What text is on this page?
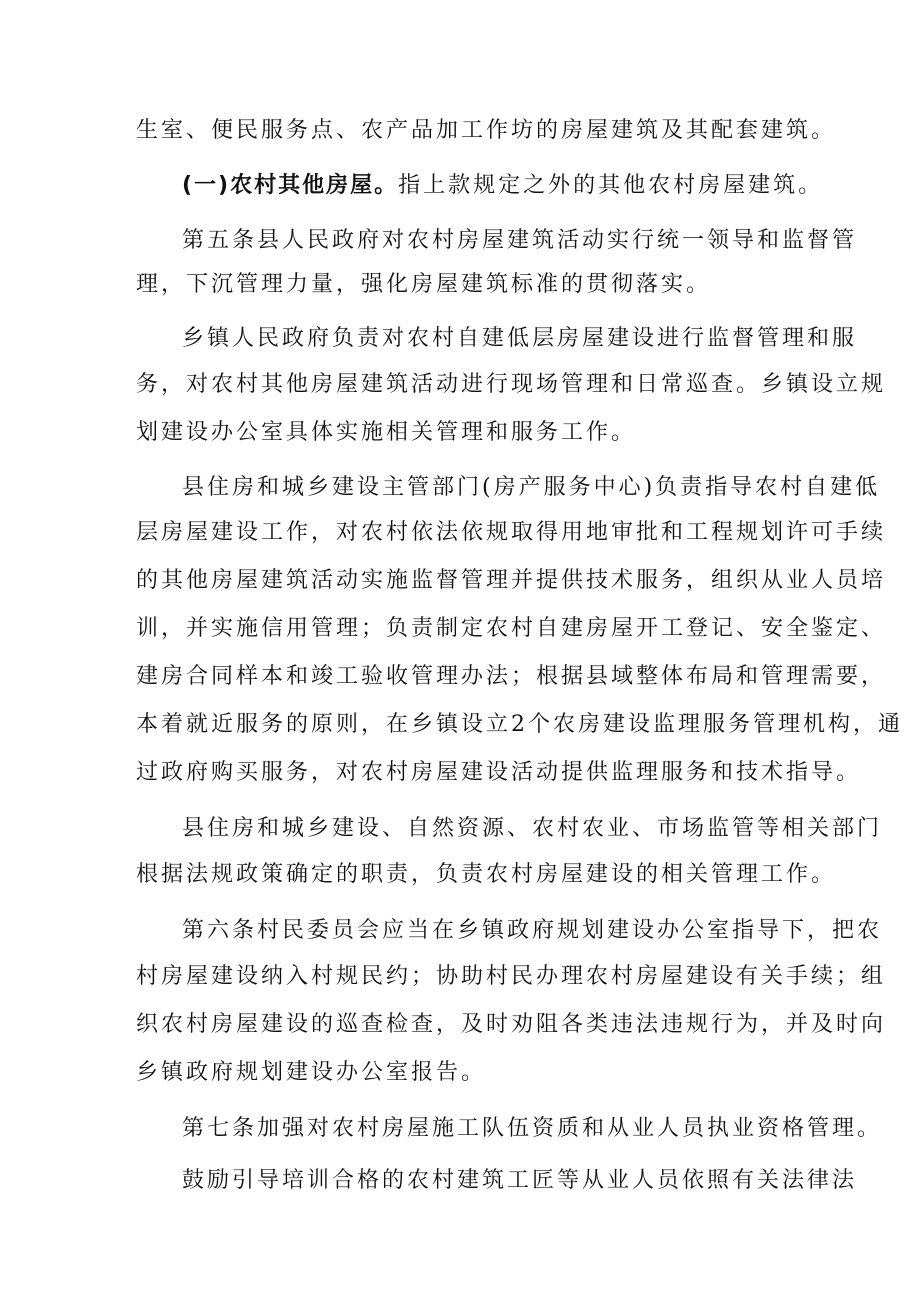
生室、便民服务点、农产品加工作坊的房屋建筑及其配套建筑。
(一)农村其他房屋。指上款规定之外的其他农村房屋建筑。
第五条县人民政府对农村房屋建筑活动实行统一领导和监督管
理，下沉管理力量，强化房屋建筑标准的贯彻落实。
乡镇人民政府负责对农村自建低层房屋建设进行监督管理和服
务，对农村其他房屋建筑活动进行现场管理和日常巡查。乡镇设立规
划建设办公室具体实施相关管理和服务工作。
县住房和城乡建设主管部门(房产服务中心)负责指导农村自建低
层房屋建设工作，对农村依法依规取得用地审批和工程规划许可手续
的其他房屋建筑活动实施监督管理并提供技术服务，组织从业人员培
训，并实施信用管理；负责制定农村自建房屋开工登记、安全鉴定、
建房合同样本和竣工验收管理办法；根据县域整体布局和管理需要，
本着就近服务的原则，在乡镇设立2个农房建设监理服务管理机构，通
过政府购买服务，对农村房屋建设活动提供监理服务和技术指导。
县住房和城乡建设、自然资源、农村农业、市场监管等相关部门
根据法规政策确定的职责，负责农村房屋建设的相关管理工作。
第六条村民委员会应当在乡镇政府规划建设办公室指导下，把农
村房屋建设纳入村规民约；协助村民办理农村房屋建设有关手续；组
织农村房屋建设的巡查检查，及时劝阻各类违法违规行为，并及时向
乡镇政府规划建设办公室报告。
第七条加强对农村房屋施工队伍资质和从业人员执业资格管理。
鼓励引导培训合格的农村建筑工匠等从业人员依照有关法律法
